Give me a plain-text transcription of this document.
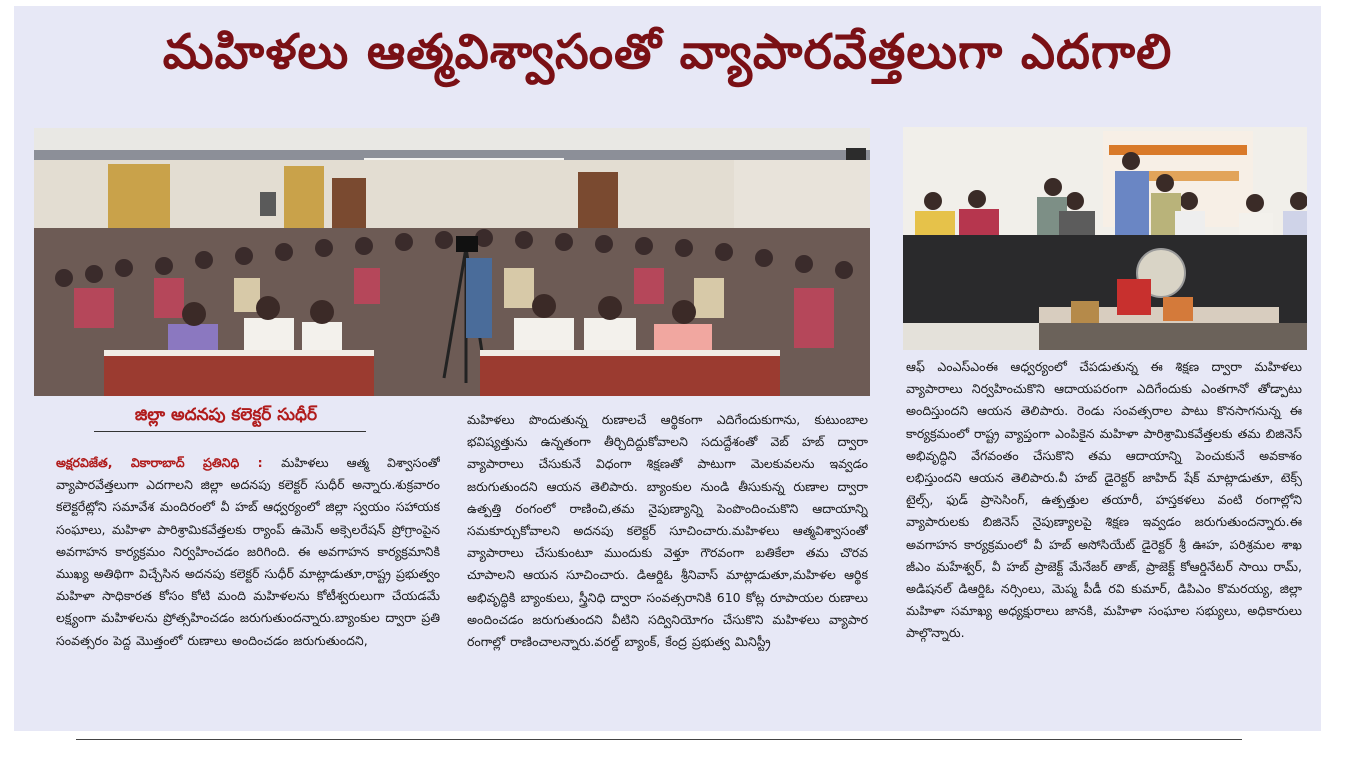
మహిళలు ఆత్మవిశ్వాసంతో వ్యాపారవేత్తలుగా ఎదగాలి
జిల్లా అదనపు కలెక్టర్ సుధీర్
అక్షరవిజేత, వికారాబాద్ ప్రతినిధి : మహిళలు ఆత్మ విశ్వాసంతో వ్యాపారవేత్తలుగా ఎదగాలని జిల్లా అదనపు కలెక్టర్ సుధీర్ అన్నారు.శుక్రవారం కలెక్టరేట్లోని సమావేశ మందిరంలో వీ హబ్ ఆధ్వర్యంలో జిల్లా స్వయం సహాయక సంఘాలు, మహిళా పారిశ్రామికవేత్తలకు ర్యాంప్ ఉమెన్ అక్సెలరేషన్ ప్రోగ్రాంపైన అవగాహన కార్యక్రమం నిర్వహించడం జరిగింది. ఈ అవగాహన కార్యక్రమానికి ముఖ్య అతిథిగా విచ్చేసిన అదనపు కలెక్టర్ సుధీర్ మాట్లాడుతూ,రాష్ట్ర ప్రభుత్వం మహిళా సాధికారత కోసం కోటి మంది మహిళలను కోటీశ్వరులుగా చేయడమే లక్ష్యంగా మహిళలను ప్రోత్సహించడం జరుగుతుందన్నారు.బ్యాంకుల ద్వారా ప్రతి సంవత్సరం పెద్ద మొత్తంలో రుణాలు అందించడం జరుగుతుందని,
మహిళలు పొందుతున్న రుణాలచే ఆర్థికంగా ఎదిగేందుకుగాను, కుటుంబాల భవిష్యత్తును ఉన్నతంగా తీర్చిదిద్దుకోవాలని సదుద్దేశంతో వెబ్ హబ్ ద్వారా వ్యాపారాలు చేసుకునే విధంగా శిక్షణతో పాటుగా మెలకువలను ఇవ్వడం జరుగుతుందని ఆయన తెలిపారు. బ్యాంకుల నుండి తీసుకున్న రుణాల ద్వారా ఉత్పత్తి రంగంలో రాణించి,తమ నైపుణ్యాన్ని పెంపొందించుకొని ఆదాయాన్ని సమకూర్చుకోవాలని అదనపు కలెక్టర్ సూచించారు.మహిళలు ఆత్మవిశ్వాసంతో వ్యాపారాలు చేసుకుంటూ ముందుకు వెళ్తూ గౌరవంగా బతికేలా తమ చొరవ చూపాలని ఆయన సూచించారు. డిఆర్డిఓ శ్రీనివాస్ మాట్లాడుతూ,మహిళల ఆర్థిక అభివృద్ధికి బ్యాంకులు, స్త్రీనిధి ద్వారా సంవత్సరానికి 610 కోట్ల రూపాయల రుణాలు అందించడం జరుగుతుందని వీటిని సద్వినియోగం చేసుకొని మహిళలు వ్యాపార రంగాల్లో రాణించాలన్నారు.వరల్డ్ బ్యాంక్, కేంద్ర ప్రభుత్వ మినిస్ట్రీ
ఆఫ్ ఎంఎస్ఎంఈ ఆధ్వర్యంలో చేపడుతున్న ఈ శిక్షణ ద్వారా మహిళలు వ్యాపారాలు నిర్వహించుకొని ఆదాయపరంగా ఎదిగేందుకు ఎంతగానో తోడ్పాటు అందిస్తుందని ఆయన తెలిపారు. రెండు సంవత్సరాల పాటు కొనసాగనున్న ఈ కార్యక్రమంలో రాష్ట్ర వ్యాప్తంగా ఎంపికైన మహిళా పారిశ్రామికవేత్తలకు తమ బిజినెస్ అభివృద్ధిని వేగవంతం చేసుకొని తమ ఆదాయాన్ని పెంచుకునే అవకాశం లభిస్తుందని ఆయన తెలిపారు.వీ హబ్ డైరెక్టర్ జాహిద్ షేక్ మాట్లాడుతూ, టెక్స్ టైల్స్, ఫుడ్ ప్రాసెసింగ్, ఉత్పత్తుల తయారీ, హస్తకళలు వంటి రంగాల్లోని వ్యాపారులకు బిజినెస్ నైపుణ్యాలపై శిక్షణ ఇవ్వడం జరుగుతుందన్నారు.ఈ అవగాహన కార్యక్రమంలో వీ హబ్ అసోసియేట్ డైరెక్టర్ శ్రీ ఊహ, పరిశ్రమల శాఖ జీఎం మహేశ్వర్, వీ హబ్ ప్రాజెక్ట్ మేనేజర్ తాజ్, ప్రాజెక్ట్ కోఆర్డినేటర్ సాయి రామ్, అడిషనల్ డిఆర్డిఓ నర్సింలు, మెప్మ పీడీ రవి కుమార్, డిపిఎం కొమరయ్య, జిల్లా మహిళా సమాఖ్య అధ్యక్షురాలు జానకి, మహిళా సంఘాల సభ్యులు, అధికారులు పాల్గొన్నారు.
